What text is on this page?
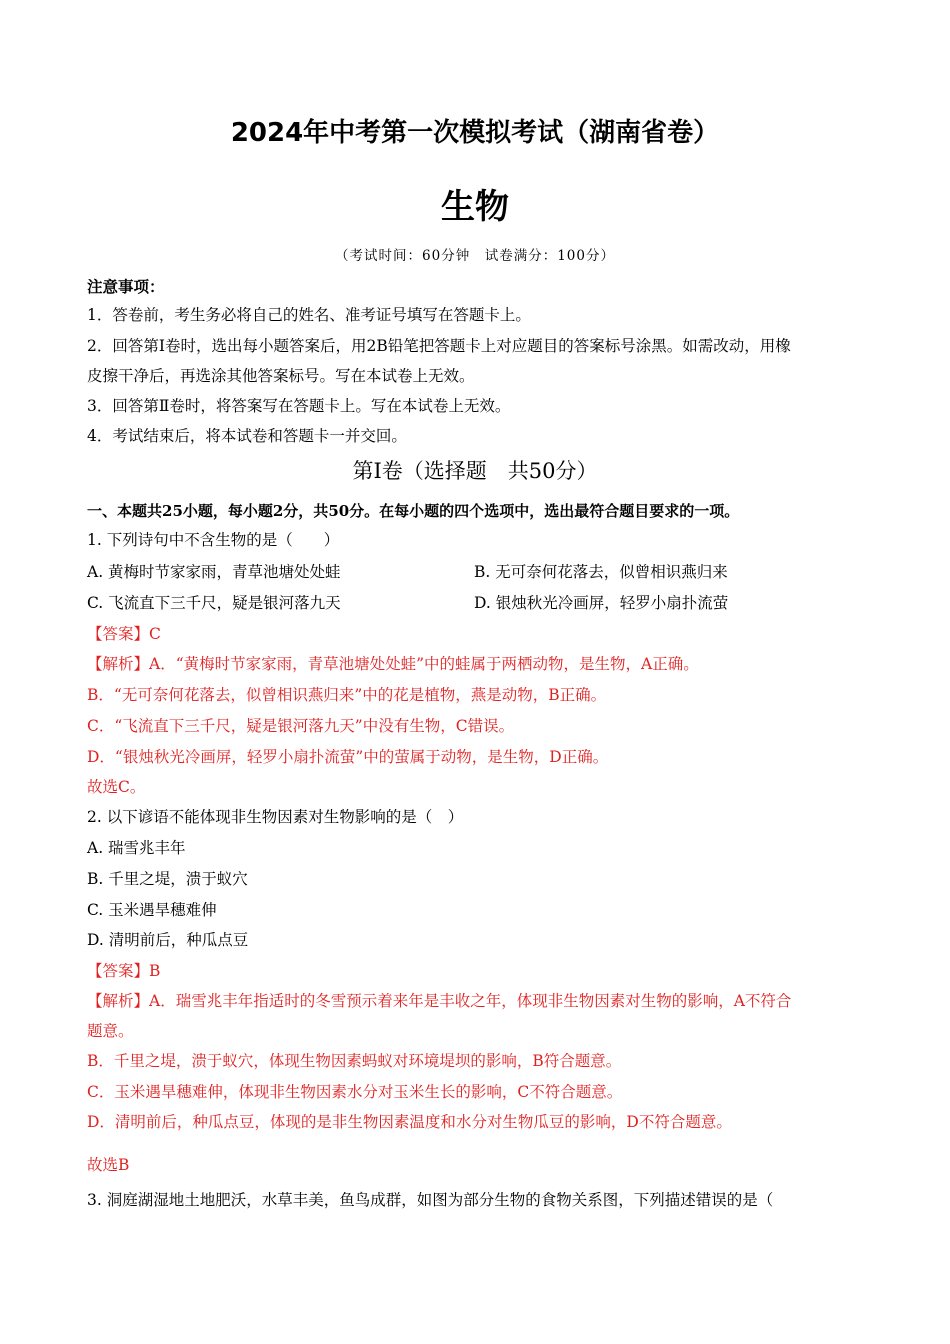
2024年中考第一次模拟考试（湖南省卷）
生物
（考试时间：60分钟　试卷满分：100分）
注意事项：
1．答卷前，考生务必将自己的姓名、准考证号填写在答题卡上。
2．回答第Ⅰ卷时，选出每小题答案后，用2B铅笔把答题卡上对应题目的答案标号涂黑。如需改动，用橡
皮擦干净后，再选涂其他答案标号。写在本试卷上无效。
3．回答第Ⅱ卷时，将答案写在答题卡上。写在本试卷上无效。
4．考试结束后，将本试卷和答题卡一并交回。
第Ⅰ卷（选择题　共50分）
一、本题共25小题，每小题2分，共50分。在每小题的四个选项中，选出最符合题目要求的一项。
1. 下列诗句中不含生物的是（　　）
A. 黄梅时节家家雨，青草池塘处处蛙	B. 无可奈何花落去，似曾相识燕归来
C. 飞流直下三千尺，疑是银河落九天	D. 银烛秋光冷画屏，轻罗小扇扑流萤
【答案】C
【解析】A．“黄梅时节家家雨，青草池塘处处蛙”中的蛙属于两栖动物，是生物，A正确。
B．“无可奈何花落去，似曾相识燕归来”中的花是植物，燕是动物，B正确。
C．“飞流直下三千尺，疑是银河落九天”中没有生物，C错误。
D．“银烛秋光冷画屏，轻罗小扇扑流萤”中的萤属于动物，是生物，D正确。
故选C。
2. 以下谚语不能体现非生物因素对生物影响的是（　）
A. 瑞雪兆丰年
B. 千里之堤，溃于蚁穴
C. 玉米遇旱穗难伸
D. 清明前后，种瓜点豆
【答案】B
【解析】A．瑞雪兆丰年指适时的冬雪预示着来年是丰收之年，体现非生物因素对生物的影响，A不符合
题意。
B．千里之堤，溃于蚁穴，体现生物因素蚂蚁对环境堤坝的影响，B符合题意。
C．玉米遇旱穗难伸，体现非生物因素水分对玉米生长的影响，C不符合题意。
D．清明前后，种瓜点豆，体现的是非生物因素温度和水分对生物瓜豆的影响，D不符合题意。
故选B
3. 洞庭湖湿地土地肥沃，水草丰美，鱼鸟成群，如图为部分生物的食物关系图，下列描述错误的是（
